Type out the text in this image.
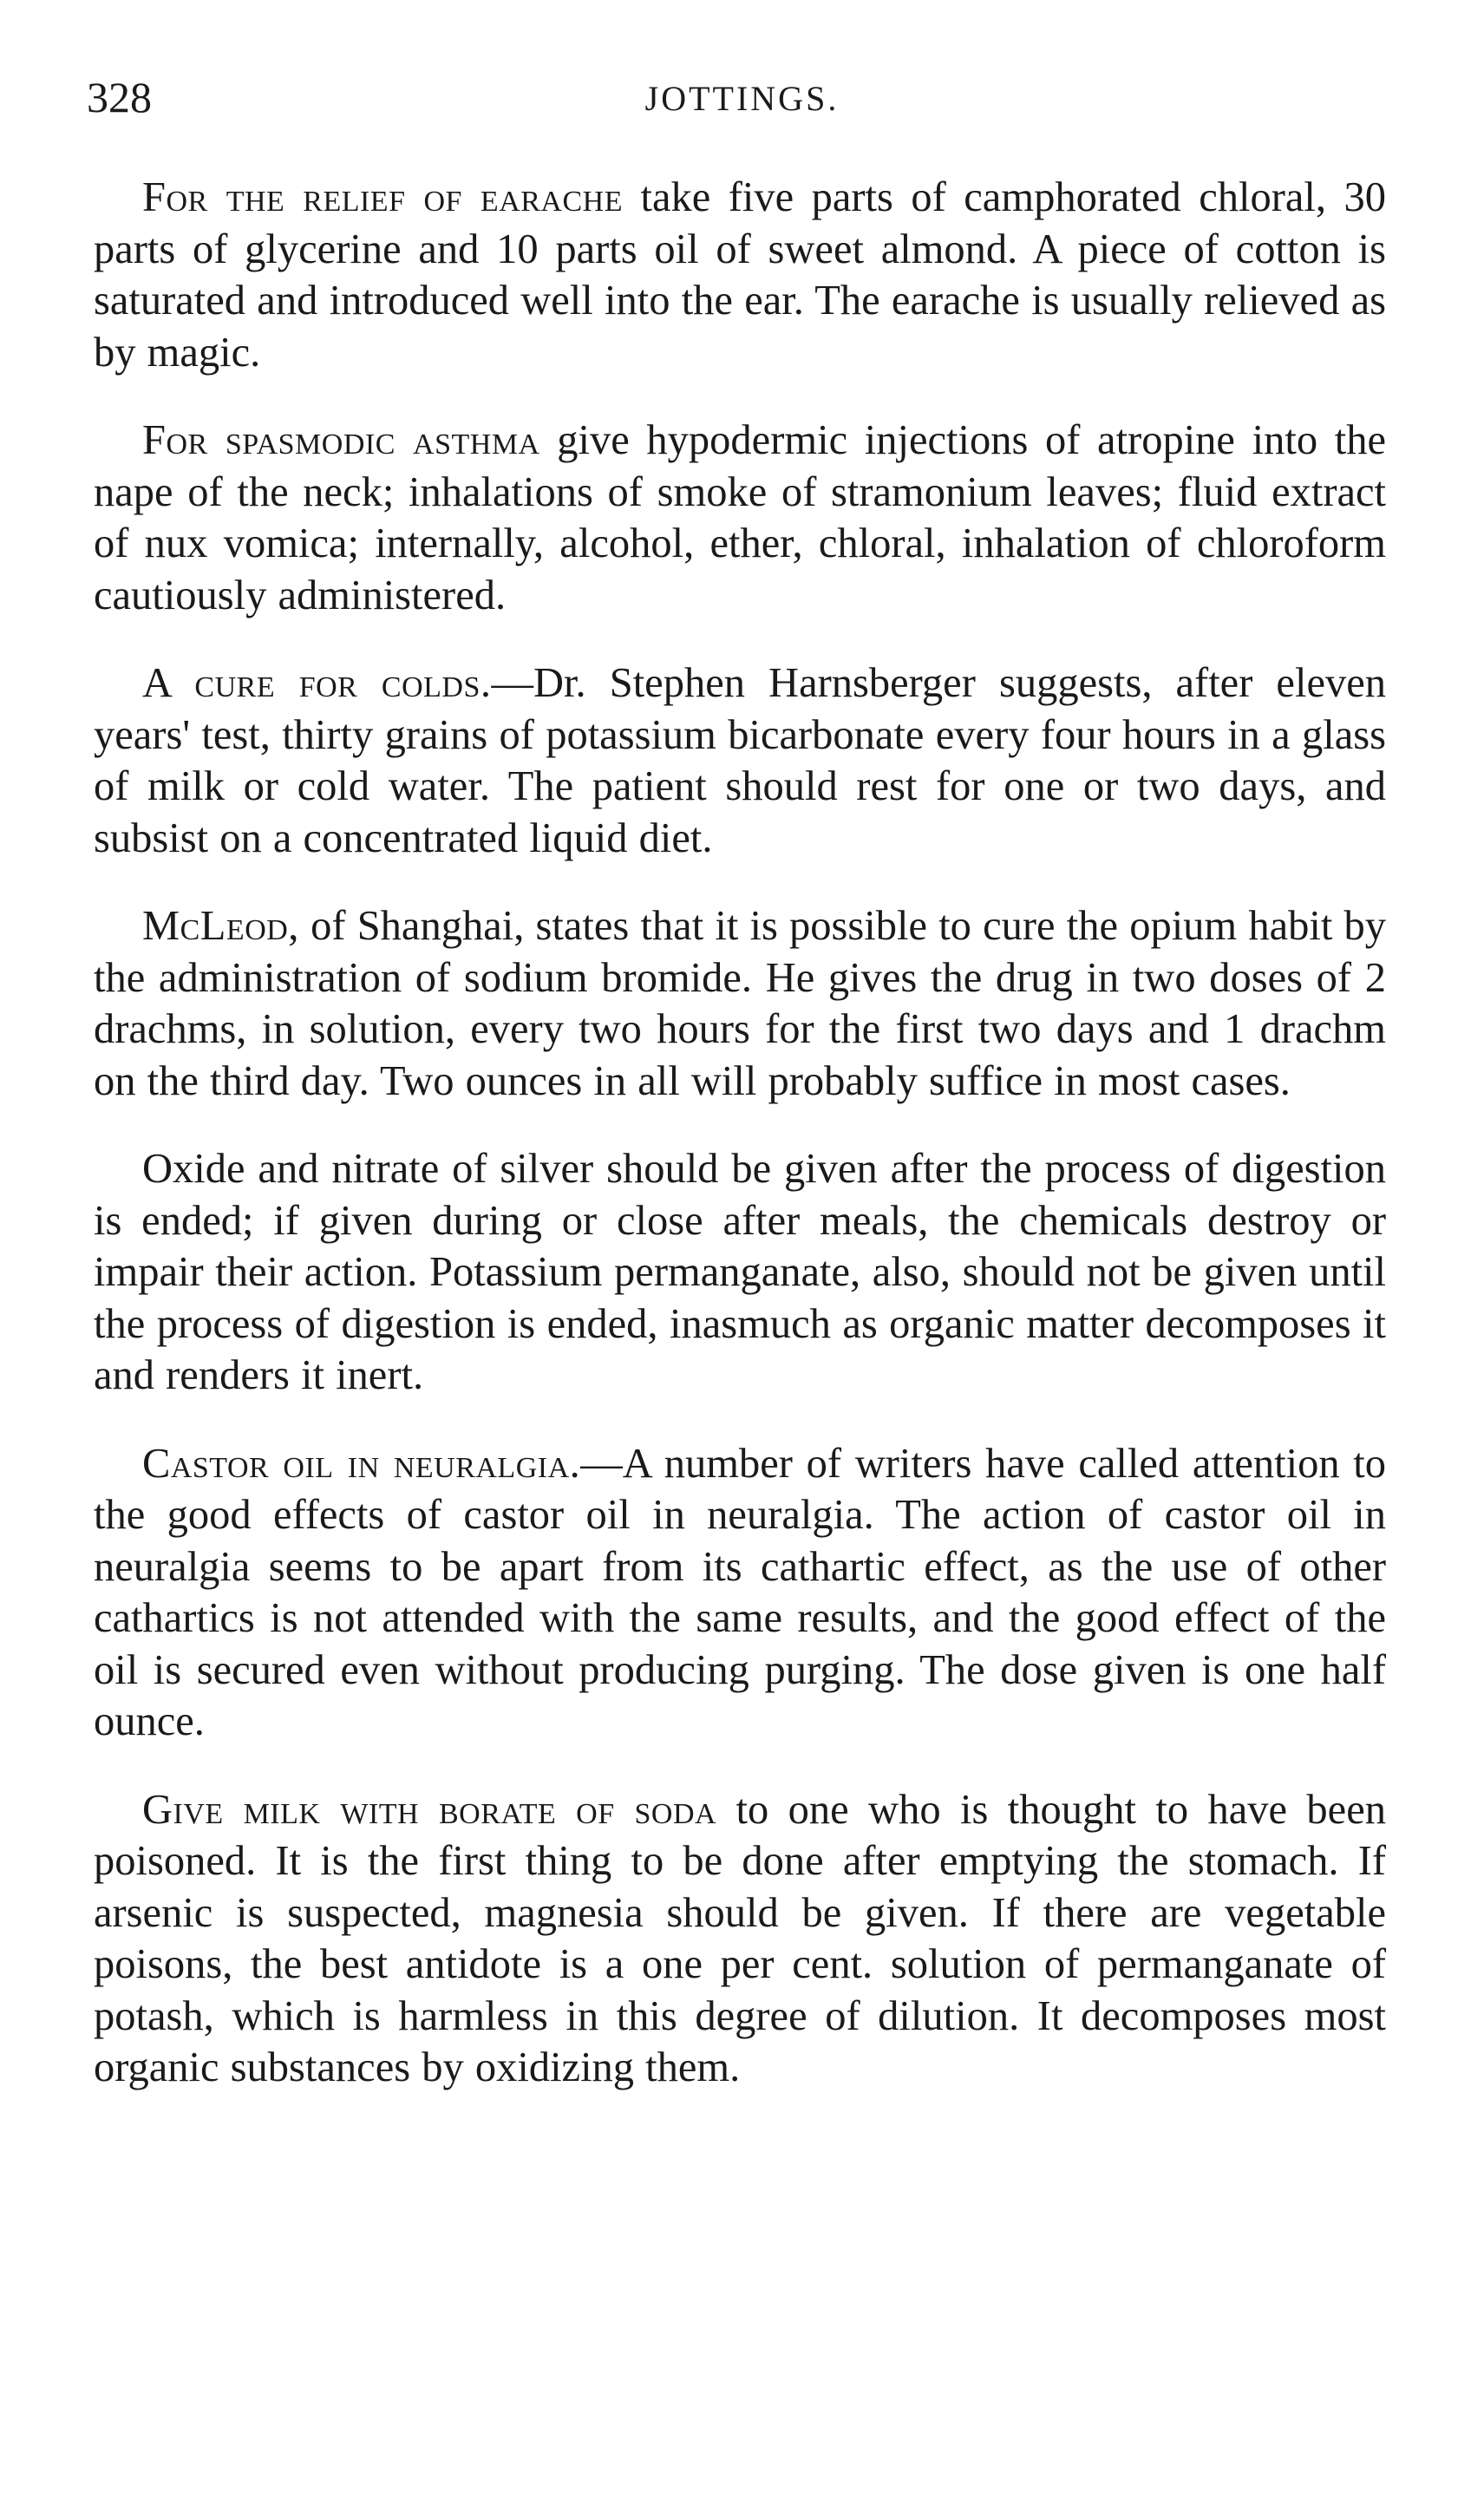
328	JOTTINGS.

For the relief of earache take five parts of camphorated chloral, 30 parts of glycerine and 10 parts oil of sweet almond. A piece of cotton is saturated and introduced well into the ear. The earache is usually relieved as by magic.

For spasmodic asthma give hypodermic injections of atropine into the nape of the neck; inhalations of smoke of stramonium leaves; fluid extract of nux vomica; internally, alcohol, ether, chloral, inhalation of chloroform cautiously administered.

A cure for colds.—Dr. Stephen Harnsberger suggests, after eleven years' test, thirty grains of potassium bicarbonate every four hours in a glass of milk or cold water. The patient should rest for one or two days, and subsist on a concentrated liquid diet.

McLeod, of Shanghai, states that it is possible to cure the opium habit by the administration of sodium bromide. He gives the drug in two doses of 2 drachms, in solution, every two hours for the first two days and 1 drachm on the third day. Two ounces in all will probably suffice in most cases.

Oxide and nitrate of silver should be given after the process of digestion is ended; if given during or close after meals, the chemicals destroy or impair their action. Potassium permanganate, also, should not be given until the process of digestion is ended, inasmuch as organic matter decomposes it and renders it inert.

Castor oil in neuralgia.—A number of writers have called attention to the good effects of castor oil in neuralgia. The action of castor oil in neuralgia seems to be apart from its cathartic effect, as the use of other cathartics is not attended with the same results, and the good effect of the oil is secured even without producing purging. The dose given is one half ounce.

Give milk with borate of soda to one who is thought to have been poisoned. It is the first thing to be done after emptying the stomach. If arsenic is suspected, magnesia should be given. If there are vegetable poisons, the best antidote is a one per cent. solution of permanganate of potash, which is harmless in this degree of dilution. It decomposes most organic substances by oxidizing them.
